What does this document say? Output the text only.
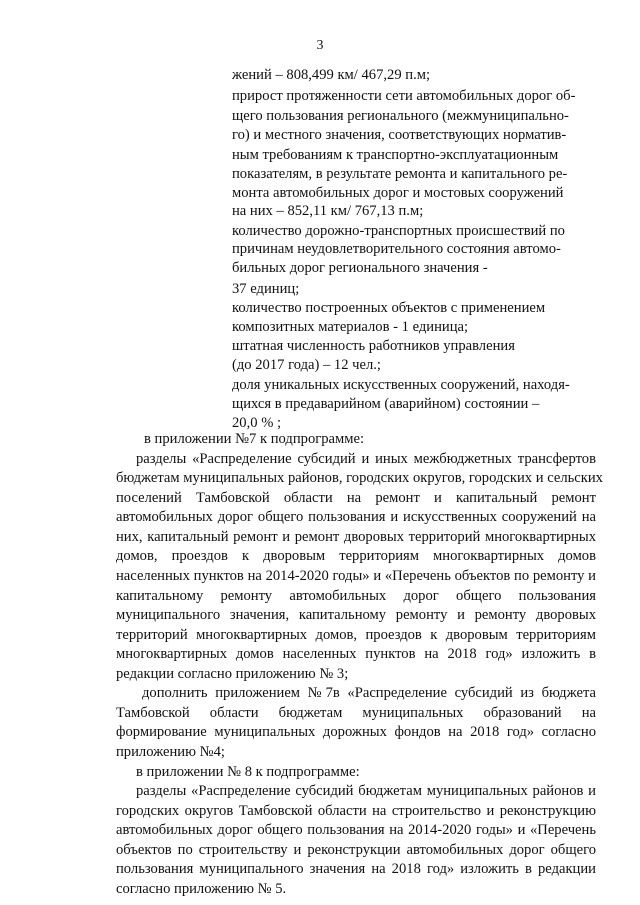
3
жений – 808,499 км/ 467,29 п.м;
прирост протяженности сети автомобильных дорог об-
щего пользования регионального (межмуниципально-
го) и местного значения, соответствующих норматив-
ным требованиям к транспортно-эксплуатационным
показателям, в результате ремонта и капитального ре-
монта автомобильных дорог и мостовых сооружений
на них – 852,11 км/ 767,13 п.м;
количество дорожно-транспортных происшествий по
причинам неудовлетворительного состояния автомо-
бильных дорог регионального значения -
37 единиц;
количество построенных объектов с применением
композитных материалов - 1 единица;
штатная численность работников управления
(до 2017 года) – 12 чел.;
доля уникальных искусственных сооружений, находя-
щихся в предаварийном (аварийном) состоянии –
20,0 % ;
в приложении №7 к подпрограмме:
разделы «Распределение субсидий и иных межбюджетных трансфертов
бюджетам муниципальных районов, городских округов, городских и сельских
поселений Тамбовской области на ремонт и капитальный ремонт
автомобильных дорог общего пользования и искусственных сооружений на
них, капитальный ремонт и ремонт дворовых территорий многоквартирных
домов, проездов к дворовым территориям многоквартирных домов
населенных пунктов на 2014-2020 годы» и «Перечень объектов по ремонту и
капитальному ремонту автомобильных дорог общего пользования
муниципального значения, капитальному ремонту и ремонту дворовых
территорий многоквартирных домов, проездов к дворовым территориям
многоквартирных домов населенных пунктов на 2018 год» изложить в
редакции согласно приложению № 3;
дополнить приложением №7в «Распределение субсидий из бюджета
Тамбовской области бюджетам муниципальных образований на
формирование муниципальных дорожных фондов на 2018 год» согласно
приложению №4;
в приложении № 8 к подпрограмме:
разделы «Распределение субсидий бюджетам муниципальных районов и
городских округов Тамбовской области на строительство и реконструкцию
автомобильных дорог общего пользования на 2014-2020 годы» и «Перечень
объектов по строительству и реконструкции автомобильных дорог общего
пользования муниципального значения на 2018 год» изложить в редакции
согласно приложению № 5.
